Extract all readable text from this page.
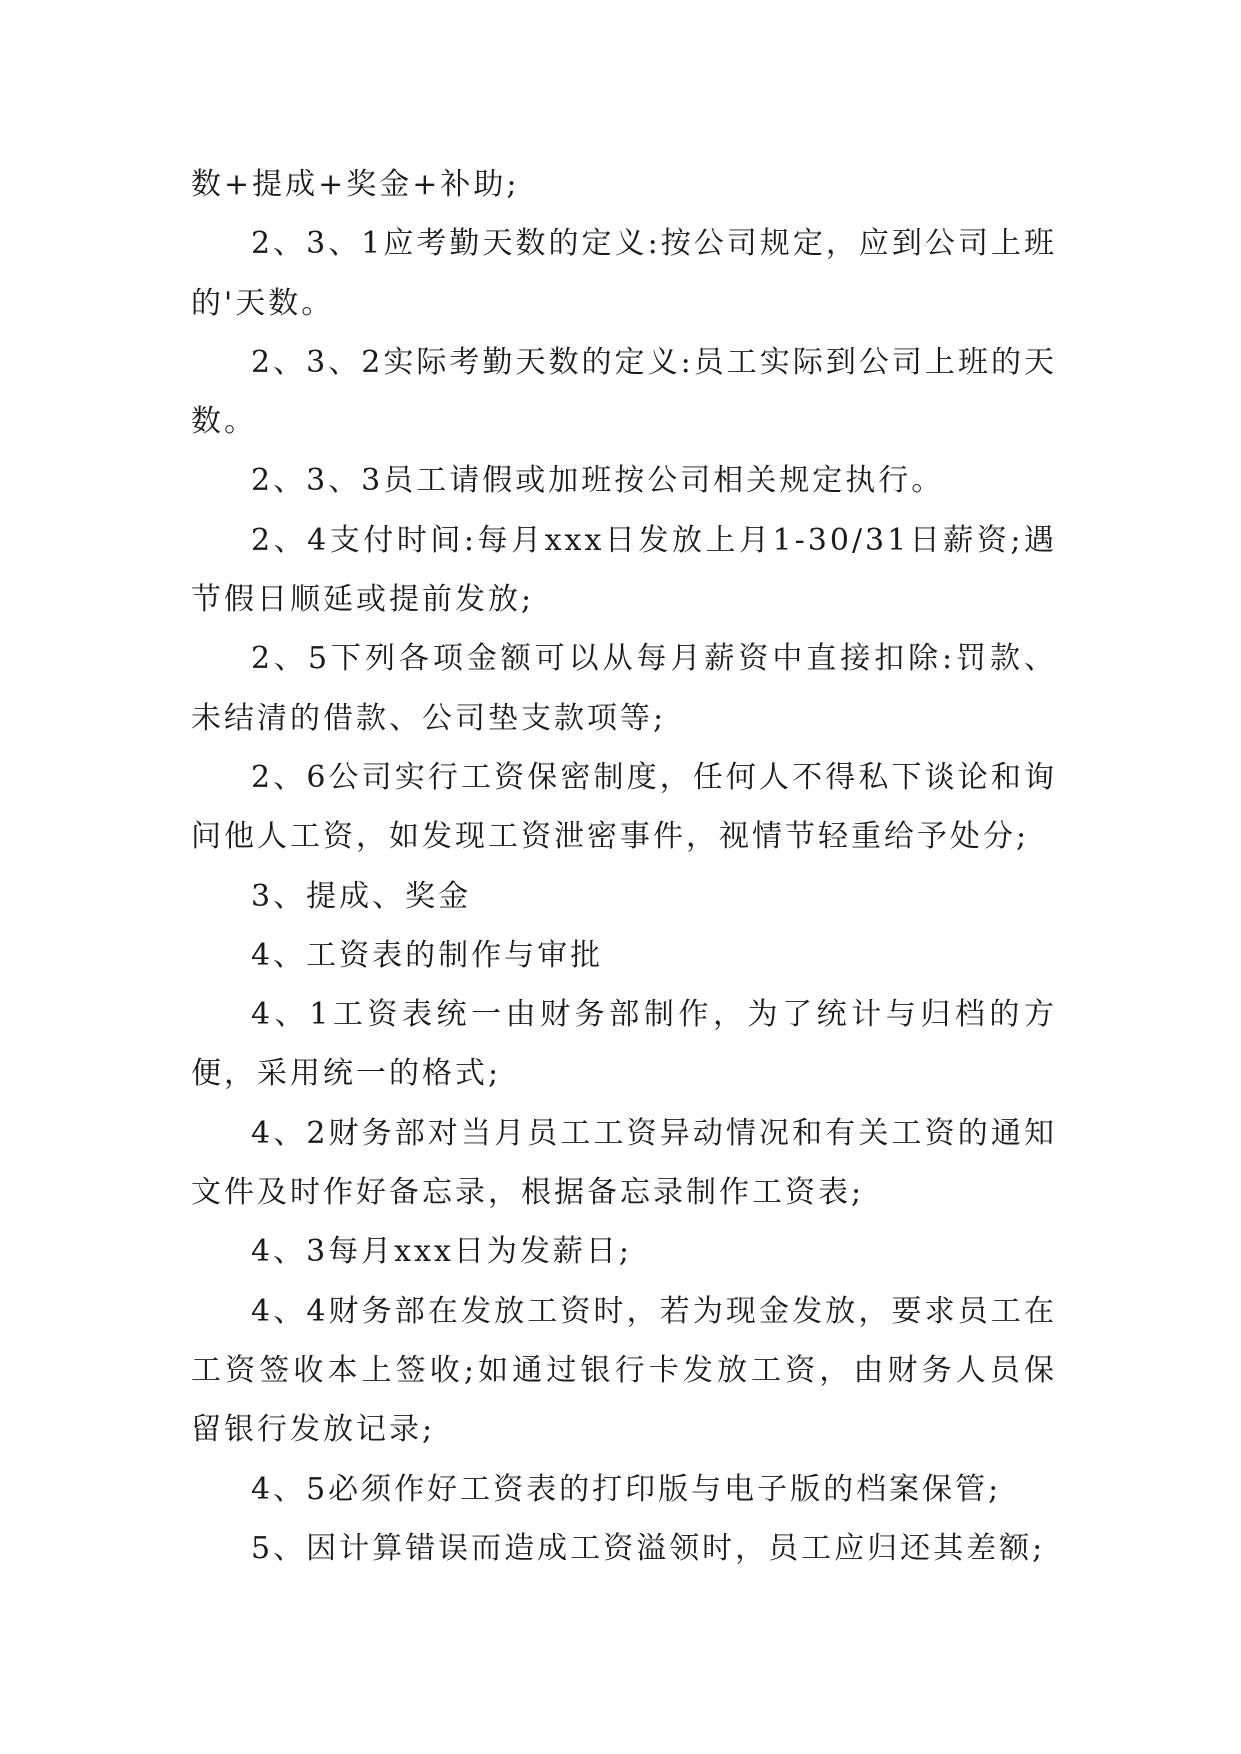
数+提成+奖金+补助;

2、3、1应考勤天数的定义:按公司规定，应到公司上班的'天数。

2、3、2实际考勤天数的定义:员工实际到公司上班的天数。

2、3、3员工请假或加班按公司相关规定执行。

2、4支付时间:每月xxx日发放上月1-30/31日薪资;遇节假日顺延或提前发放;

2、5下列各项金额可以从每月薪资中直接扣除:罚款、未结清的借款、公司垫支款项等;

2、6公司实行工资保密制度，任何人不得私下谈论和询问他人工资，如发现工资泄密事件，视情节轻重给予处分;

3、提成、奖金

4、工资表的制作与审批

4、1工资表统一由财务部制作，为了统计与归档的方便，采用统一的格式;

4、2财务部对当月员工工资异动情况和有关工资的通知文件及时作好备忘录，根据备忘录制作工资表;

4、3每月xxx日为发薪日;

4、4财务部在发放工资时，若为现金发放，要求员工在工资签收本上签收;如通过银行卡发放工资，由财务人员保留银行发放记录;

4、5必须作好工资表的打印版与电子版的档案保管;

5、因计算错误而造成工资溢领时，员工应归还其差额;
